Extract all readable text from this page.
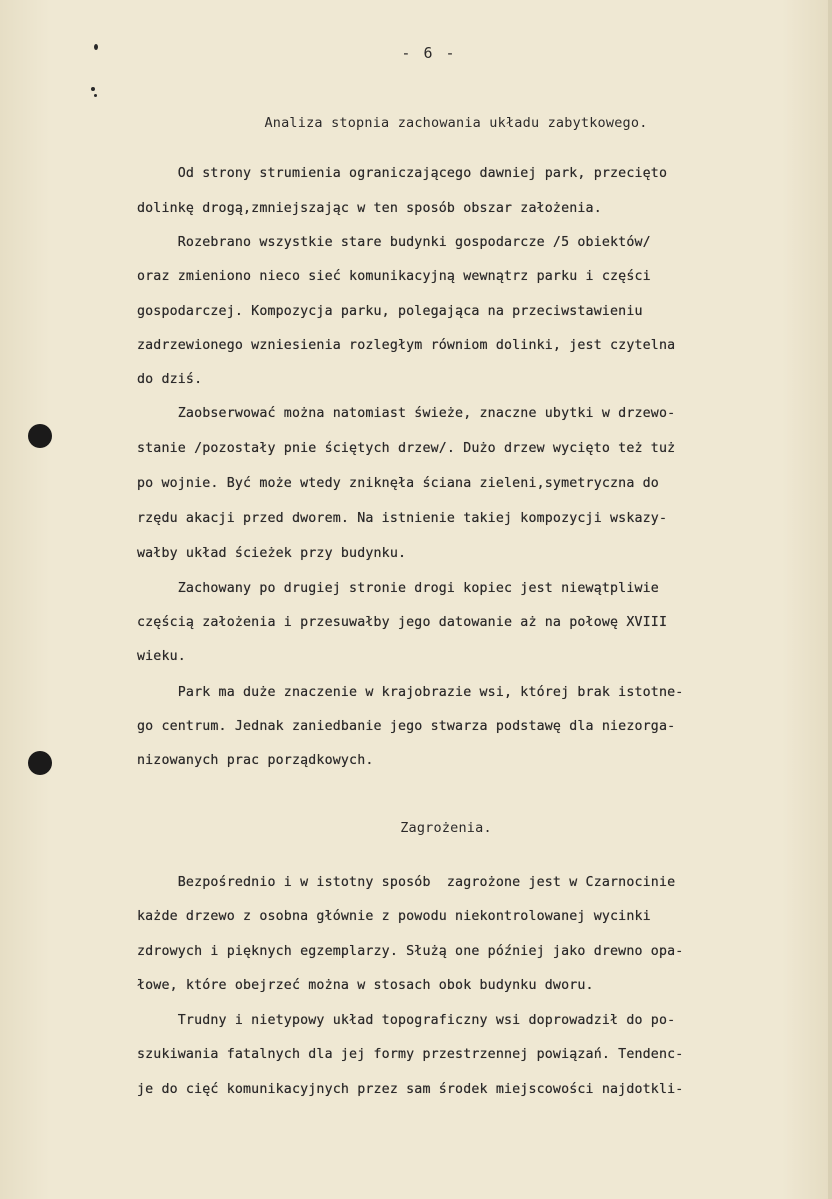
- 6 -
Analiza stopnia zachowania układu zabytkowego.
Od strony strumienia ograniczającego dawniej park, przecięto
dolinkę drogą,zmniejszając w ten sposób obszar założenia.
Rozebrano wszystkie stare budynki gospodarcze /5 obiektów/
oraz zmieniono nieco sieć komunikacyjną wewnątrz parku i części
gospodarczej. Kompozycja parku, polegająca na przeciwstawieniu
zadrzewionego wzniesienia rozległym równiom dolinki, jest czytelna
do dziś.
Zaobserwować można natomiast świeże, znaczne ubytki w drzewo-
stanie /pozostały pnie ściętych drzew/. Dużo drzew wycięto też tuż
po wojnie. Być może wtedy zniknęła ściana zieleni,symetryczna do
rzędu akacji przed dworem. Na istnienie takiej kompozycji wskazy-
wałby układ ścieżek przy budynku.
Zachowany po drugiej stronie drogi kopiec jest niewątpliwie
częścią założenia i przesuwałby jego datowanie aż na połowę XVIII
wieku.
Park ma duże znaczenie w krajobrazie wsi, której brak istotne-
go centrum. Jednak zaniedbanie jego stwarza podstawę dla niezorga-
nizowanych prac porządkowych.
Zagrożenia.
Bezpośrednio i w istotny sposób  zagrożone jest w Czarnocinie
każde drzewo z osobna głównie z powodu niekontrolowanej wycinki
zdrowych i pięknych egzemplarzy. Służą one później jako drewno opa-
łowe, które obejrzeć można w stosach obok budynku dworu.
Trudny i nietypowy układ topograficzny wsi doprowadził do po-
szukiwania fatalnych dla jej formy przestrzennej powiązań. Tendenc-
je do cięć komunikacyjnych przez sam środek miejscowości najdotkli-
